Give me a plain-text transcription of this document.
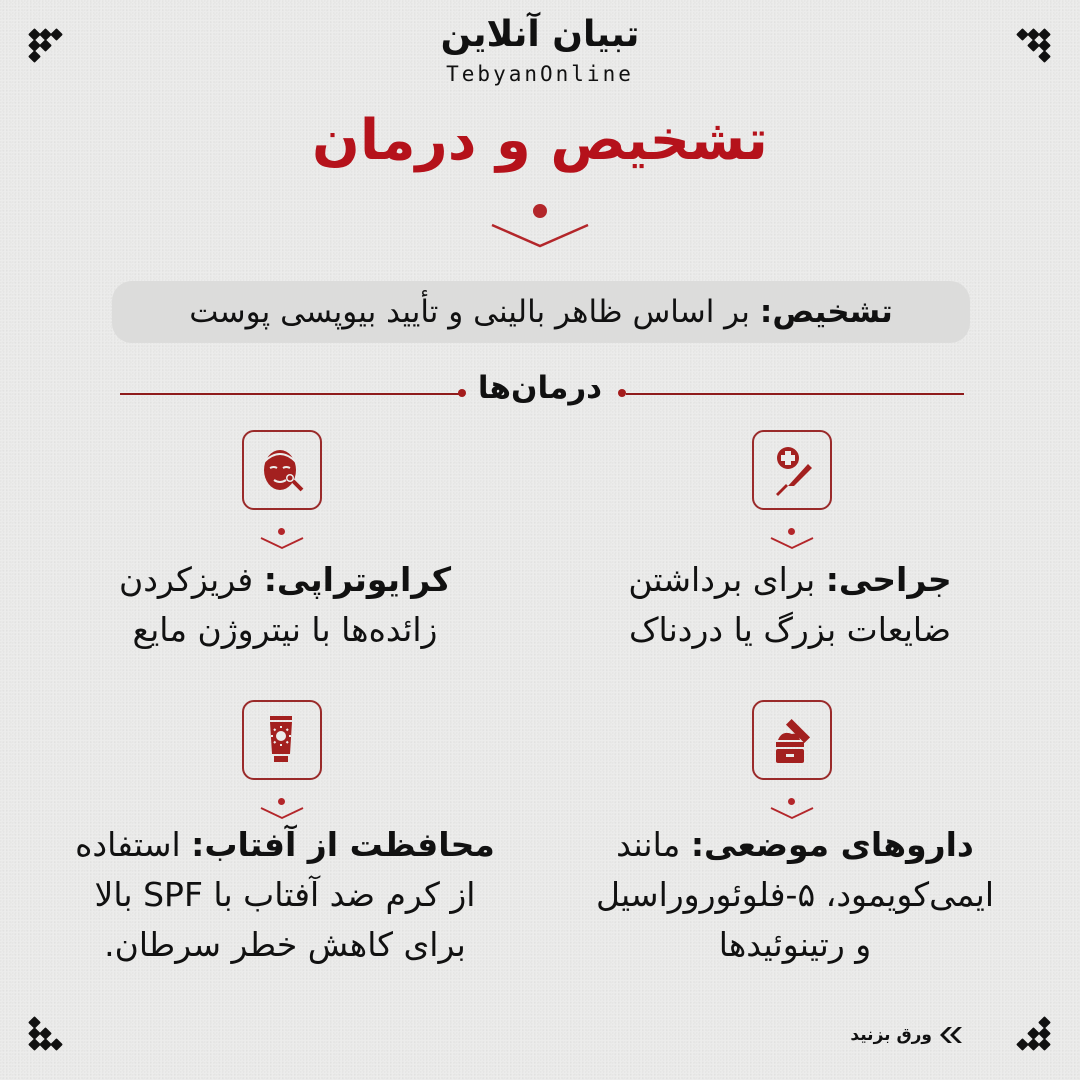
تبیان آنلاین
TebyanOnline
تشخیص و درمان
تشخیص:
بر اساس ظاهر بالینی و تأیید بیوپسی پوست
درمان‌ها
جراحی: برای برداشتن
ضایعات بزرگ یا دردناک
کرایوتراپی: فریزکردن
زائده‌ها با نیتروژن مایع
داروهای موضعی: مانند
ایمی‌کویمود، ۵-فلوئوروراسیل
و رتینوئیدها
محافظت از آفتاب: استفاده
از کرم ضد آفتاب با SPF بالا
برای کاهش خطر سرطان.
ورق بزنید
